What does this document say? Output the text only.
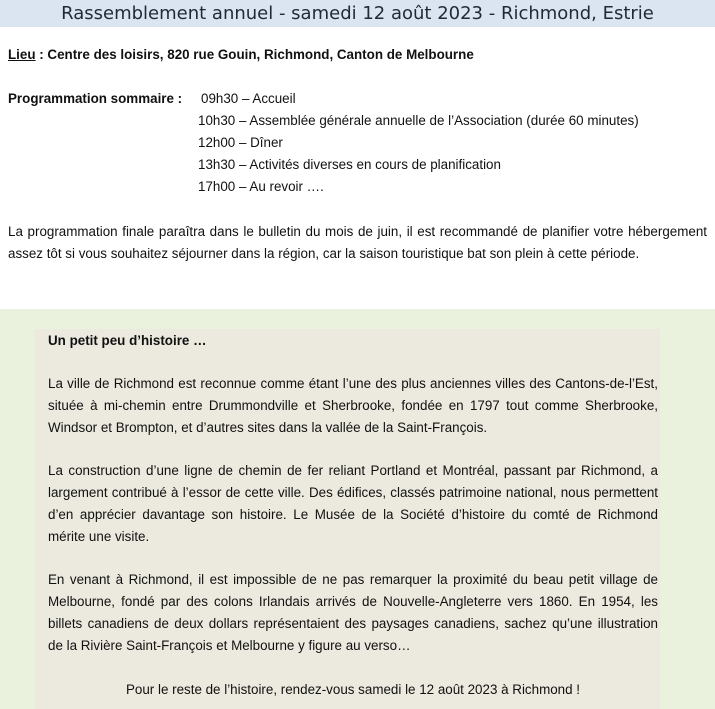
Rassemblement annuel - samedi 12 août 2023 - Richmond, Estrie
Lieu : Centre des loisirs, 820 rue Gouin, Richmond, Canton de Melbourne
Programmation sommaire : 09h30 – Accueil
10h30 – Assemblée générale annuelle de l’Association (durée 60 minutes)
12h00 – Dîner
13h30 – Activités diverses en cours de planification
17h00 – Au revoir ….

La programmation finale paraîtra dans le bulletin du mois de juin, il est recommandé de planifier votre hébergement assez tôt si vous souhaitez séjourner dans la région, car la saison touristique bat son plein à cette période.

Un petit peu d’histoire …

La ville de Richmond est reconnue comme étant l’une des plus anciennes villes des Cantons-de-l’Est, située à mi-chemin entre Drummondville et Sherbrooke, fondée en 1797 tout comme Sherbrooke, Windsor et Brompton, et d’autres sites dans la vallée de la Saint-François.

La construction d’une ligne de chemin de fer reliant Portland et Montréal, passant par Richmond, a largement contribué à l’essor de cette ville. Des édifices, classés patrimoine national, nous permettent d’en apprécier davantage son histoire. Le Musée de la Société d’histoire du comté de Richmond mérite une visite.

En venant à Richmond, il est impossible de ne pas remarquer la proximité du beau petit village de Melbourne, fondé par des colons Irlandais arrivés de Nouvelle-Angleterre vers 1860. En 1954, les billets canadiens de deux dollars représentaient des paysages canadiens, sachez qu’une illustration de la Rivière Saint-François et Melbourne y figure au verso…

Pour le reste de l’histoire, rendez-vous samedi le 12 août 2023 à Richmond !
